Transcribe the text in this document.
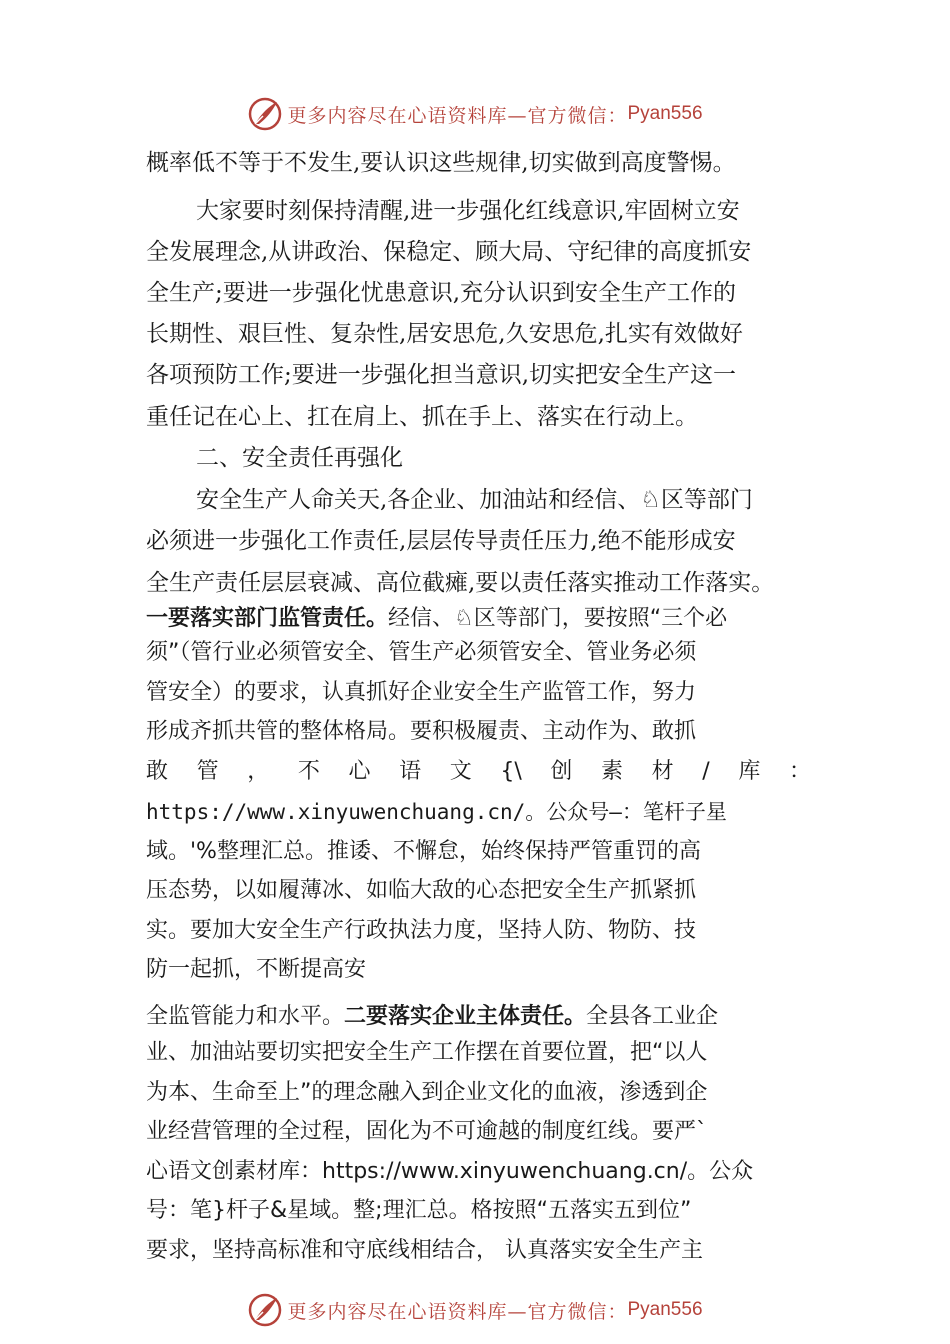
更多内容尽在心语资料库—官方微信： Pyan556
概率低不等于不发生,要认识这些规律,切实做到高度警惕。
大家要时刻保持清醒,进一步强化红线意识,牢固树立安
全发展理念,从讲政治、保稳定、顾大局、守纪律的高度抓安
全生产;要进一步强化忧患意识,充分认识到安全生产工作的
长期性、艰巨性、复杂性,居安思危,久安思危,扎实有效做好
各项预防工作;要进一步强化担当意识,切实把安全生产这一
重任记在心上、扛在肩上、抓在手上、落实在行动上。
二、安全责任再强化
安全生产人命关天,各企业、加油站和经信、♘区等部门
必须进一步强化工作责任,层层传导责任压力,绝不能形成安
全生产责任层层衰减、高位截瘫,要以责任落实推动工作落实。
一要落实部门监管责任。经信、♘区等部门，要按照“三个必
须”（管行业必须管安全、管生产必须管安全、管业务必须
管安全）的要求，认真抓好企业安全生产监管工作，努力
形成齐抓共管的整体格局。要积极履责、主动作为、敢抓
敢 管 ， 不 心 语 文 {\ 创 素 材 / 库 ：
https://www.xinyuwenchuang.cn/。公众号—：笔杆子星
域。'%整理汇总。推诿、不懈怠，始终保持严管重罚的高
压态势，以如履薄冰、如临大敌的心态把安全生产抓紧抓
实。要加大安全生产行政执法力度，坚持人防、物防、技
防一起抓，不断提高安
全监管能力和水平。二要落实企业主体责任。全县各工业企
业、加油站要切实把安全生产工作摆在首要位置，把“以人
为本、生命至上”的理念融入到企业文化的血液，渗透到企
业经营管理的全过程，固化为不可逾越的制度红线。要严`
心语文创素材库：https://www.xinyuwenchuang.cn/。公众
号：笔}杆子&星域。整;理汇总。格按照“五落实五到位”
要求，坚持高标准和守底线相结合， 认真落实安全生产主
更多内容尽在心语资料库—官方微信： Pyan556
